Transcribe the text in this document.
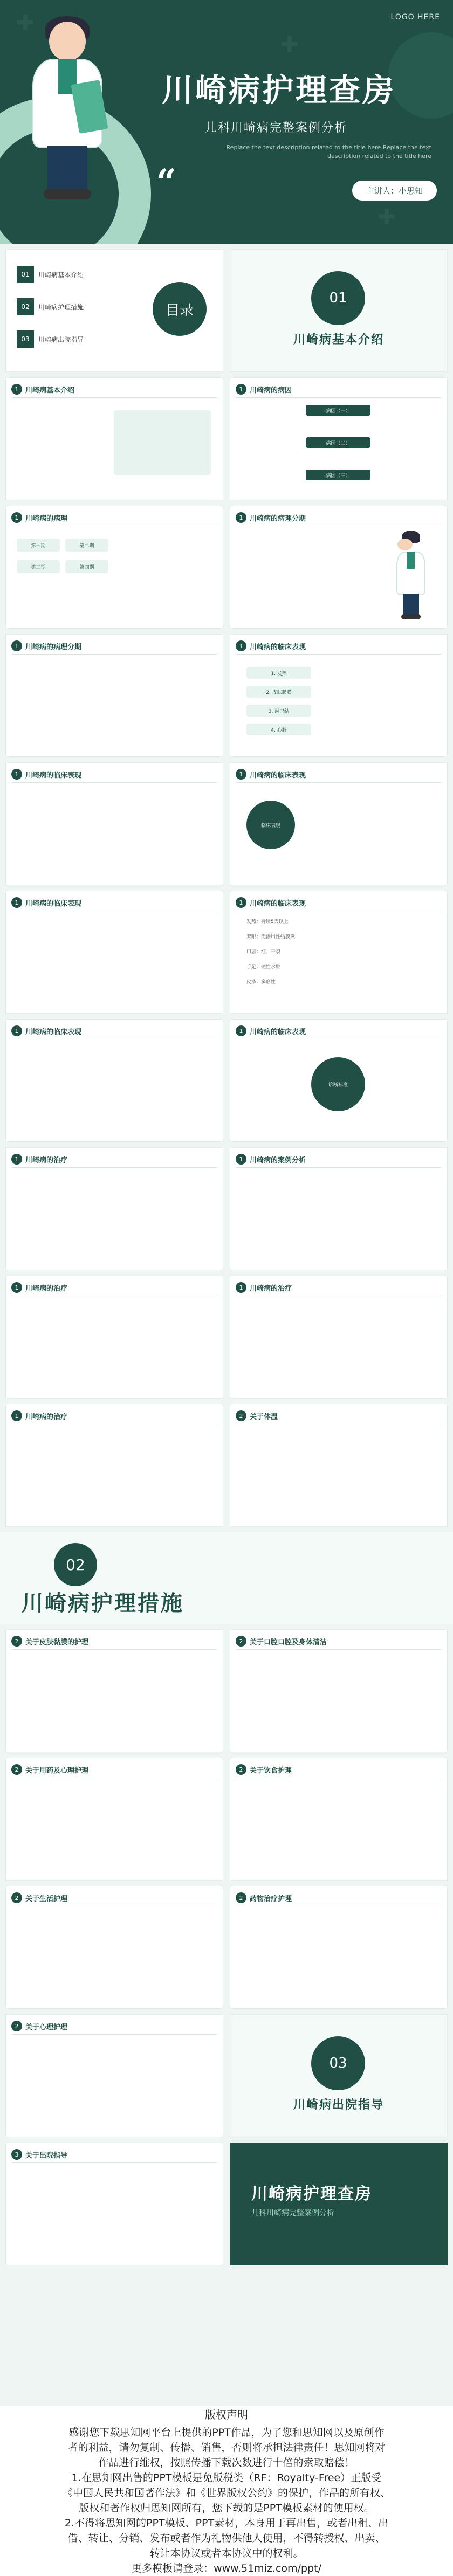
✚
✚
✚
LOGO HERE
川崎病护理查房
儿科川崎病完整案例分析
Replace the text description related to the title here Replace the text description related to the title here
“	主讲人：小思知
01	川崎病基本介绍
02	川崎病护理措施
03	川崎病出院指导
目录
01
川崎病基本介绍
1 川崎病基本介绍	1 川崎病的病因
病因（一）
病因（二）
病因（三）
1 川崎病的病理
第一期	第二期
第三期	第四期
1 川崎病的病理分期
1 川崎病的病理分期	1 川崎病的临床表现
1. 发热
2. 皮肤黏膜
3. 淋巴结
4. 心脏
1 川崎病的临床表现	1 川崎病的临床表现
临床表现
1 川崎病的临床表现	1 川崎病的临床表现
发热：持续5天以上
双眼：无渗出性结膜炎
口唇：红、干裂
手足：硬性水肿
皮疹：多形性
1 川崎病的临床表现	1 川崎病的临床表现
诊断标准
1 川崎病的治疗	1 川崎病的案例分析
1 川崎病的治疗	1 川崎病的治疗
1 川崎病的治疗	2 关于体温
02
川崎病护理措施
2 关于皮肤黏膜的护理	2 关于口腔口腔及身体清洁
2 关于用药及心理护理	2 关于饮食护理
2 关于生活护理	2 药物治疗护理
2 关于心理护理
03
川崎病出院指导
3 关于出院指导
川崎病护理查房
儿科川崎病完整案例分析
版权声明
感谢您下载思知网平台上提供的PPT作品，为了您和思知网以及原创作
者的利益，请勿复制、传播、销售，否则将承担法律责任！思知网将对
作品进行维权，按照传播下载次数进行十倍的索取赔偿！
1.在思知网出售的PPT模板是免版税类（RF：Royalty-Free）正版受
《中国人民共和国著作法》和《世界版权公约》的保护，作品的所有权、
版权和著作权归思知网所有，您下载的是PPT模板素材的使用权。
2.不得将思知网的PPT模板、PPT素材，本身用于再出售，或者出租、出
借、转让、分销、发布或者作为礼物供他人使用，不得转授权、出卖、
转让本协议或者本协议中的权利。
更多模板请登录：www.51miz.com/ppt/
